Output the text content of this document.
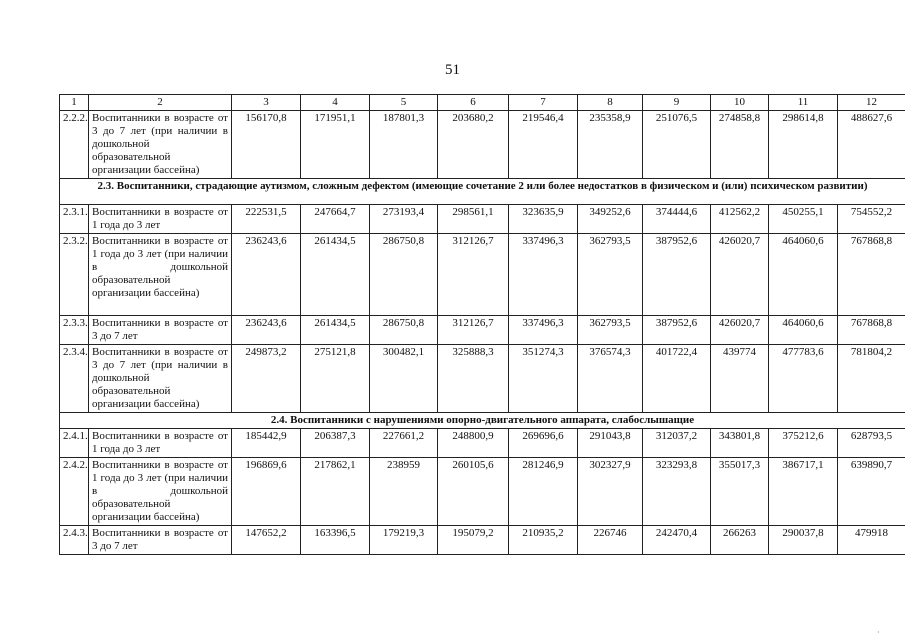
51
1	2	3	4	5	6	7	8	9	10	11	12
2.2.2.	Воспитанники в возрасте от 3 до 7 лет (при наличии в дошкольной образовательной организации бассейна)	156170,8	171951,1	187801,3	203680,2	219546,4	235358,9	251076,5	274858,8	298614,8	488627,6
2.3. Воспитанники, страдающие аутизмом, сложным дефектом (имеющие сочетание 2 или более недостатков в физическом и (или) психическом развитии)											
2.3.1.	Воспитанники в возрасте от 1 года до 3 лет	222531,5	247664,7	273193,4	298561,1	323635,9	349252,6	374444,6	412562,2	450255,1	754552,2
2.3.2.	Воспитанники в возрасте от 1 года до 3 лет (при наличии в дошкольной образовательной организации бассейна)	236243,6	261434,5	286750,8	312126,7	337496,3	362793,5	387952,6	426020,7	464060,6	767868,8
2.3.3.	Воспитанники в возрасте от 3 до 7 лет	236243,6	261434,5	286750,8	312126,7	337496,3	362793,5	387952,6	426020,7	464060,6	767868,8
2.3.4.	Воспитанники в возрасте от 3 до 7 лет (при наличии в дошкольной образовательной организации бассейна)	249873,2	275121,8	300482,1	325888,3	351274,3	376574,3	401722,4	439774	477783,6	781804,2
2.4. Воспитанники с нарушениями опорно-двигательного аппарата, слабослышащие											
2.4.1.	Воспитанники в возрасте от 1 года до 3 лет	185442,9	206387,3	227661,2	248800,9	269696,6	291043,8	312037,2	343801,8	375212,6	628793,5
2.4.2.	Воспитанники в возрасте от 1 года до 3 лет (при наличии в дошкольной образовательной организации бассейна)	196869,6	217862,1	238959	260105,6	281246,9	302327,9	323293,8	355017,3	386717,1	639890,7
2.4.3.	Воспитанники в возрасте от 3 до 7 лет	147652,2	163396,5	179219,3	195079,2	210935,2	226746	242470,4	266263	290037,8	479918
·
